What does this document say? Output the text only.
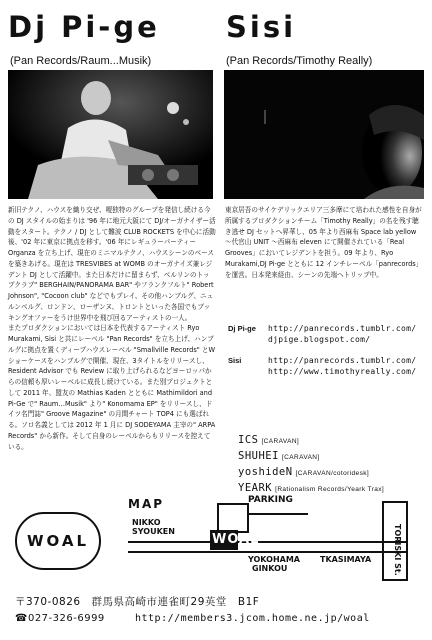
Dj Pi-ge
(Pan Records/Raum...Musik)
Sisi
(Pan Records/Timothy Really)

新旧テクノ、ハウスを織り交ぜ、嗄独特のグルーブを発信し続ける今の DJ スタイルの始まりは '96 年に地元大阪にて DJ/オーガナイザー活動をスタート。テクノ / DJ として難波 CLUB ROCKETS を中心に活動後、'02 年に東京に拠点を移す。'06 年にレギュラーパーティー Organza を立ち上げ、現在のミニマルテクノ、ハウスシーンのベースを築きあげる。現在は TRESVIBES at WOMB のオーガナイズ兼レジデント DJ として活躍中。また日本だけに留まらず、ベルリンのトップクラブ" BERGHAIN/PANORAMA BAR" やフランクフルト" Robert Johnson", "Cocoon club" などでもプレイ、その他ハンブルグ、ニュルンベルグ、ロンドン、ローザンヌ、トロントといった各国でもブッキングオファーをうけ世界中を飛び回るアーティストの一人。

またプロダクションにおいては日本を代表するアーティスト Ryo Murakami, Sisi と共にレーベル "Pan Records" を立ち上げ、ハンブルグに拠点を置くディープハウスレーベル "Smallville Records" とWショーケースをハンブルグで開催、現在、3タイトルをリリースし、Resident Advisor でも Review に取り上げられるなどヨーロッパからの信頼も厚いレーベルに成長し続けている。また別プロジェクトとして 2011 年、盟友の Mathias Kaden とともに Mathimildori and Pi-Ge で" Raum…Musik" より" Konomama EP" をリリースし、ドイツ名門誌" Groove Magazine" の月間チャート TOP4 にも選ばれる。ソロ名義としては 2012 年 1 月に DJ SODEYAMA 主宰の" ARPA Records" から新作。そして自身のレーベルからもリリースを控えている。

東京居吾のサイケデリックエリア三多摩にて培われた感性を自身が所属するプロダクションチーム「Timothy Really」の名を残す聴き逃せ DJ セットへ昇華し、05 年より西麻布 Space lab yellow ～代官山 UNIT ～西麻布 eleven にて開催されている「Real Grooves」においてレジデントを担う。09 年より、Ryo Murakami,DJ Pi-ge とともに 12 インチレーベル「panrecords」を運営。日本発来経由、シーンの先端へトリップ中。

Dj Pi-ge	http://panrecords.tumblr.com/
djpige.blogspot.com/
Sisi	http://panrecords.tumblr.com/
http://www.timothyreally.com/
ICS [CARAVAN]
SHUHEI [CARAVAN]
yoshideN [CARAVAN/cotoridesk]
YEARK [Rationalism Records/Yeark Trax]
WOAL
MAP	PARKING
NIKKO
SYOUKEN
WOAL
YOKOHAMA
GINKOU
TKASIMAYA	TORISKI St.
〒370-0826　群馬県高崎市連雀町29英堂　B1F
☎027-326-6999	http://members3.jcom.home.ne.jp/woal
